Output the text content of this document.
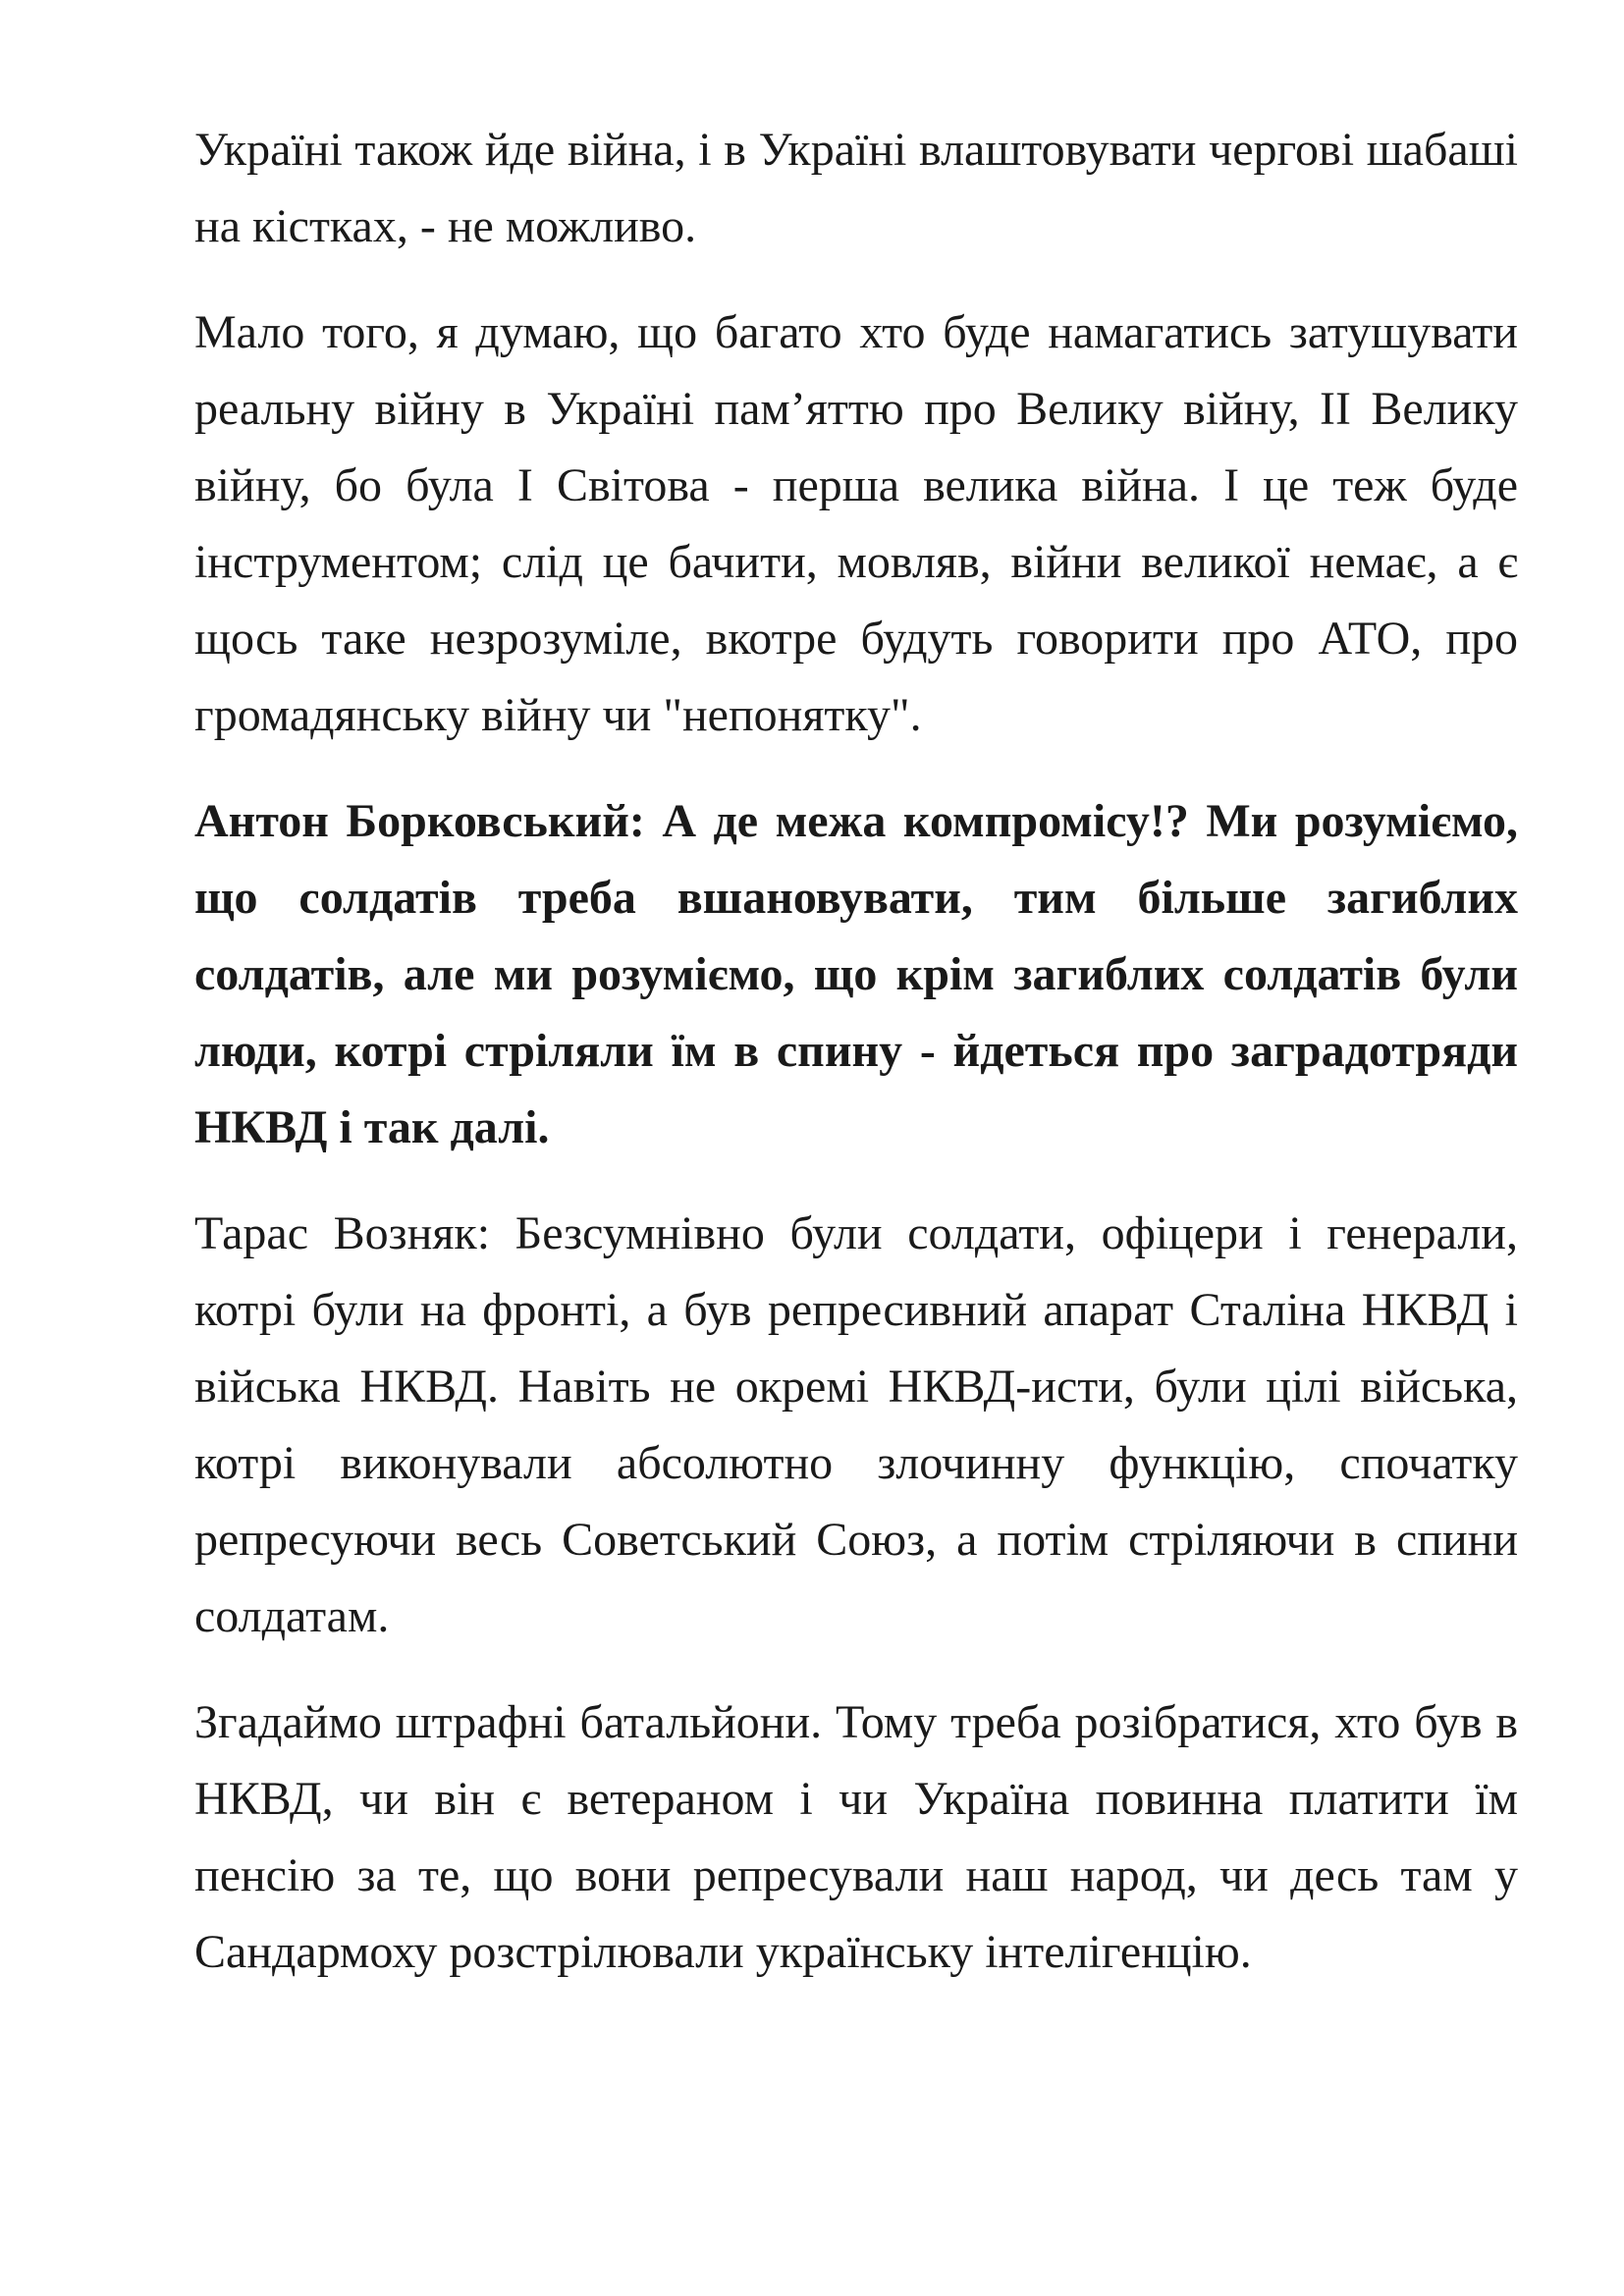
Україні також йде війна, і в Україні влаштовувати чергові шабаші на кістках, - не можливо.

Мало того, я думаю, що багато хто буде намагатись затушувати реальну війну в Україні пам’яттю про Велику війну, ІІ Велику війну, бо була І Світова - перша велика війна. І це теж буде інструментом; слід це бачити, мовляв, війни великої немає, а є щось таке незрозуміле, вкотре будуть говорити про АТО, про громадянську війну чи "непонятку".

Антон Борковський: А де межа компромісу!? Ми розуміємо, що солдатів треба вшановувати, тим більше загиблих солдатів, але ми розуміємо, що крім загиблих солдатів були люди, котрі стріляли їм в спину - йдеться про заградотряди НКВД і так далі.

Тарас Возняк: Безсумнівно були солдати, офіцери і генерали, котрі були на фронті, а був репресивний апарат Сталіна НКВД і війська НКВД. Навіть не окремі НКВД-исти, були цілі війська, котрі виконували абсолютно злочинну функцію, спочатку репресуючи весь Советський Союз, а потім стріляючи в спини солдатам.

Згадаймо штрафні батальйони. Тому треба розібратися, хто був в НКВД, чи він є ветераном і чи Україна повинна платити їм пенсію за те, що вони репресували наш народ, чи десь там у Сандармоху розстрілювали українську інтелігенцію.
